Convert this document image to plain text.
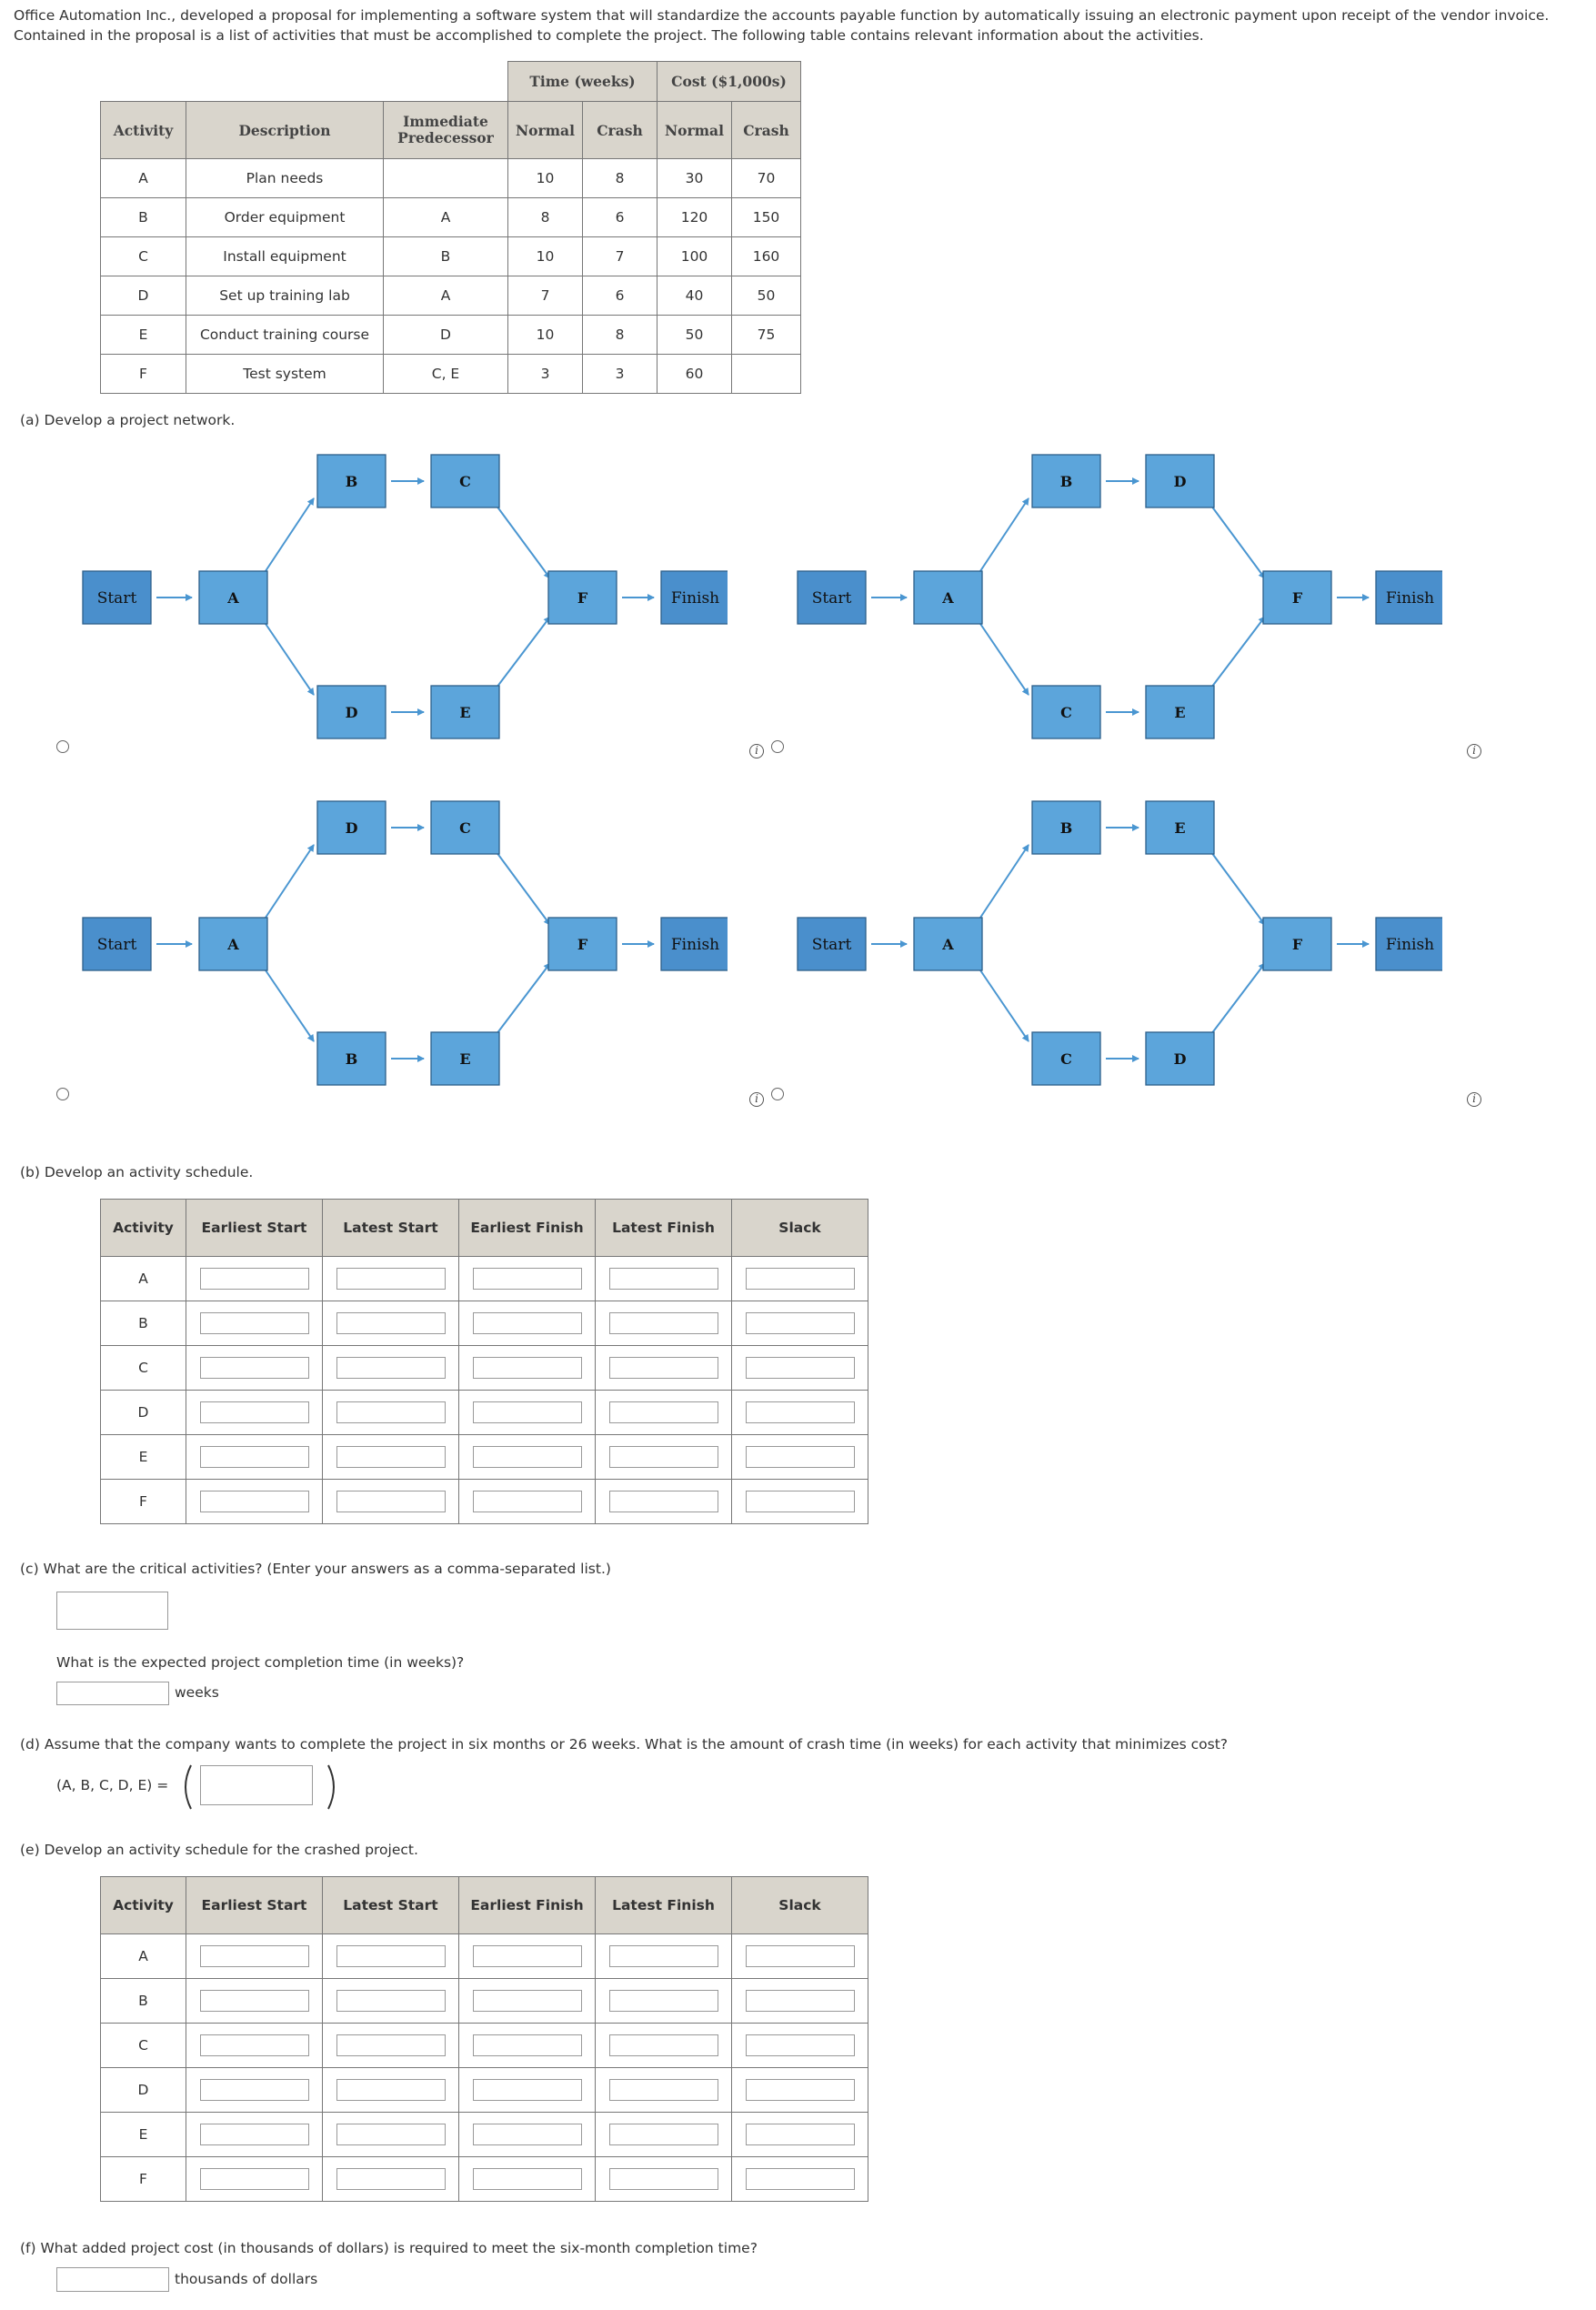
Office Automation Inc., developed a proposal for implementing a software system that will standardize the accounts payable function by automatically issuing an electronic payment upon receipt of the vendor invoice. Contained in the proposal is a list of activities that must be accomplished to complete the project. The following table contains relevant information about the activities.
			Time (weeks)		Cost ($1,000s)	
Activity	Description	Immediate Predecessor	Normal	Crash	Normal	Crash
A	Plan needs		10	8	30	70
B	Order equipment	A	8	6	120	150
C	Install equipment	B	10	7	100	160
D	Set up training lab	A	7	6	40	50
E	Conduct training course	D	10	8	50	75
F	Test system	C, E	3	3	60	
(a) Develop a project network.
Start	A
B	C
D	E
F	Finish
i
Start	A
B	D
C	E
F	Finish
i
Start	A
D	C
B	E
F	Finish
i
Start	A
B	E
C	D
F	Finish
i
(b) Develop an activity schedule.
Activity	Earliest Start	Latest Start	Earliest Finish	Latest Finish	Slack
A					
B					
C					
D					
E					
F					
(c) What are the critical activities? (Enter your answers as a comma-separated list.)
What is the expected project completion time (in weeks)?
weeks
(d) Assume that the company wants to complete the project in six months or 26 weeks. What is the amount of crash time (in weeks) for each activity that minimizes cost?
(A, B, C, D, E) =
(e) Develop an activity schedule for the crashed project.
Activity	Earliest Start	Latest Start	Earliest Finish	Latest Finish	Slack
A					
B					
C					
D					
E					
F					
(f) What added project cost (in thousands of dollars) is required to meet the six-month completion time?
thousands of dollars
